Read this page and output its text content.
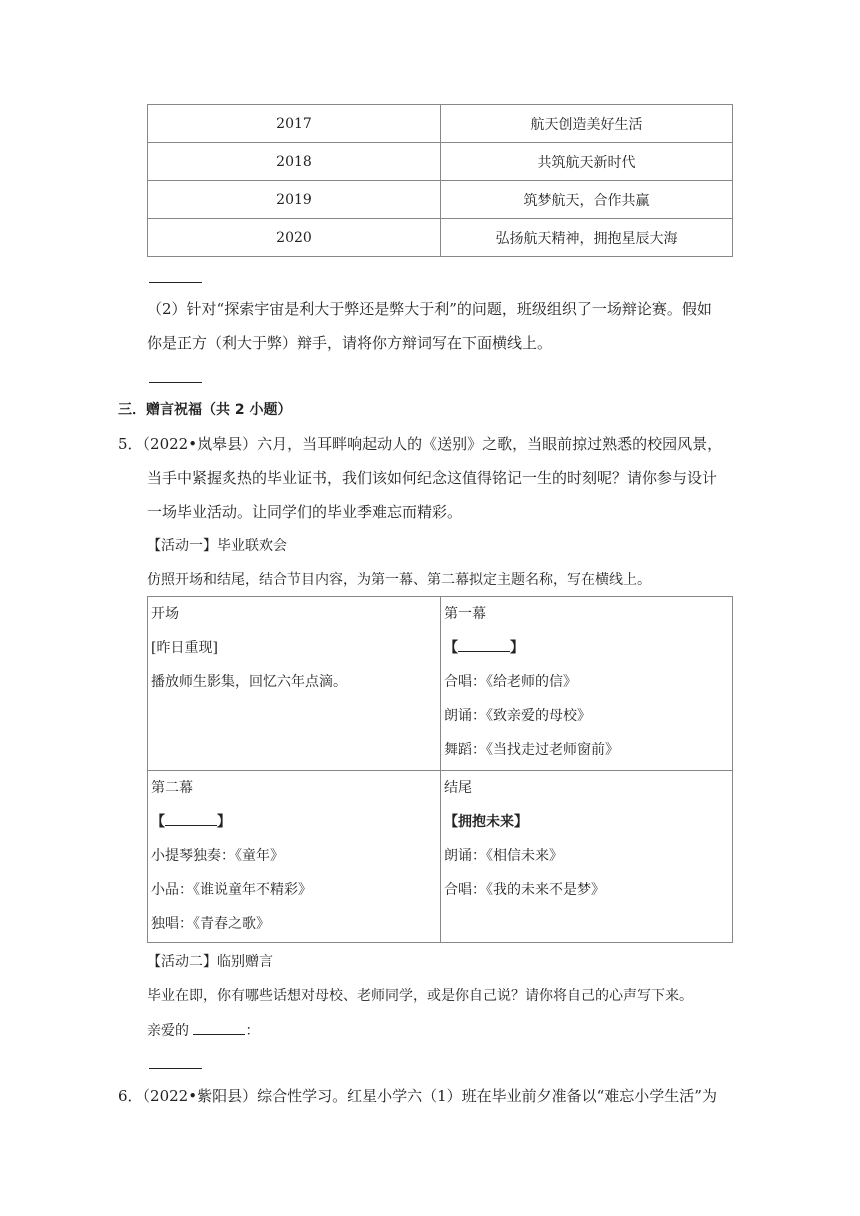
2017	航天创造美好生活
2018	共筑航天新时代
2019	筑梦航天，合作共赢
2020	弘扬航天精神，拥抱星辰大海
（2）针对“探索宇宙是利大于弊还是弊大于利”的问题，班级组织了一场辩论赛。假如
你是正方（利大于弊）辩手，请将你方辩词写在下面横线上。
三．赠言祝福（共 2 小题）
5．（2022•岚皋县）六月，当耳畔响起动人的《送别》之歌，当眼前掠过熟悉的校园风景，
当手中紧握炙热的毕业证书，我们该如何纪念这值得铭记一生的时刻呢？请你参与设计
一场毕业活动。让同学们的毕业季难忘而精彩。
【活动一】毕业联欢会
仿照开场和结尾，结合节目内容，为第一幕、第二幕拟定主题名称，写在横线上。
开场
[昨日重现]
播放师生影集，回忆六年点滴。
第一幕
【	】
合唱：《给老师的信》
朗诵：《致亲爱的母校》
舞蹈：《当找走过老师窗前》
第二幕
【	】
小提琴独奏：《童年》
小品：《谁说童年不精彩》
独唱：《青春之歌》
结尾
【拥抱未来】
朗诵：《相信未来》
合唱：《我的未来不是梦》
【活动二】临别赠言
毕业在即，你有哪些话想对母校、老师同学，或是你自己说？请你将自己的心声写下来。
亲爱的	：
6．（2022•紫阳县）综合性学习。红星小学六（1）班在毕业前夕准备以“难忘小学生活”为
